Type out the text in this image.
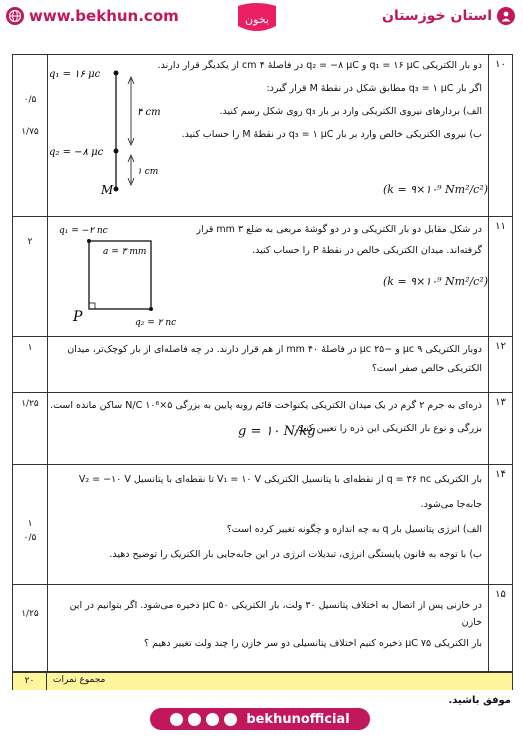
www.bekhun.com	بخون	استان خوزستان
۱۰
۰/۵
۱/۷۵
دو بار الکتریکی q₁ = ۱۶ μC و q₂ = −۸ μC در فاصلهٔ ۴ cm از یکدیگر قرار دارند.
اگر بار q₃ = ۱ μC مطابق شکل در نقطهٔ M قرار گیرد:
الف) بردارهای نیروی الکتریکی وارد بر بار q₃ روی شکل رسم کنید.
ب) نیروی الکتریکی خالص وارد بر بار q₃ = ۱ μC در نقطهٔ M را حساب کنید.
(k = ۹×۱۰⁹ Nm²/c²)
q₁ = ۱۶ μc
q₂ = −۸ μc
۴ cm
۱ cm
M
۱۱
۲
در شکل مقابل دو بار الکتریکی و در دو گوشهٔ مربعی به ضلع ۳ mm قرار
گرفته‌اند. میدان الکتریکی خالص در نقطهٔ P را حساب کنید.
(k = ۹×۱۰⁹ Nm²/c²)
q₁ = −۲ nc
a = ۳ mm
P	q₂ = ۲ nc
۱۲
۱	دوبار الکتریکی ۹ μc و −۲۵ μc در فاصلهٔ ۴۰ mm از هم قرار دارند. در چه فاصله‌ای از بار کوچک‌تر، میدان
الکتریکی خالص صفر است؟
۱۳
۱/۲۵	ذره‌ای به جرم ۲ گرم در یک میدان الکتریکی یکنواخت قائم روبه پایین به بزرگی ۵×۱۰⁶ N/C ساکن مانده است.
بزرگی و نوع بار الکتریکی این ذره را تعیین کنید.
g = ۱۰ N/kg
۱۴
۱
۰/۵
بار الکتریکی q = ۳۶ nc از نقطه‌ای با پتانسیل الکتریکی V₁ = ۱۰ V تا نقطه‌ای با پتانسیل V₂ = −۱۰ V
جابه‌جا می‌شود.
الف) انرژی پتانسیل بار q به چه اندازه و چگونه تغییر کرده است؟
ب) با توجه به قانون پایستگی انرژی، تبدیلات انرژی در این جابه‌جایی بار الکتریک را توضیح دهید.
۱۵
۱/۲۵
در خازنی پس از اتصال به اختلاف پتانسیل ۳۰ ولت، بار الکتریکی ۵۰ μC ذخیره می‌شود. اگر بتوانیم در این خازن
بار الکتریکی ۷۵ μC ذخیره کنیم اختلاف پتانسیلی دو سر خازن را چند ولت تغییر دهیم ؟
۲۰	مجموع نمرات
موفق باشید.
bekhunofficial
